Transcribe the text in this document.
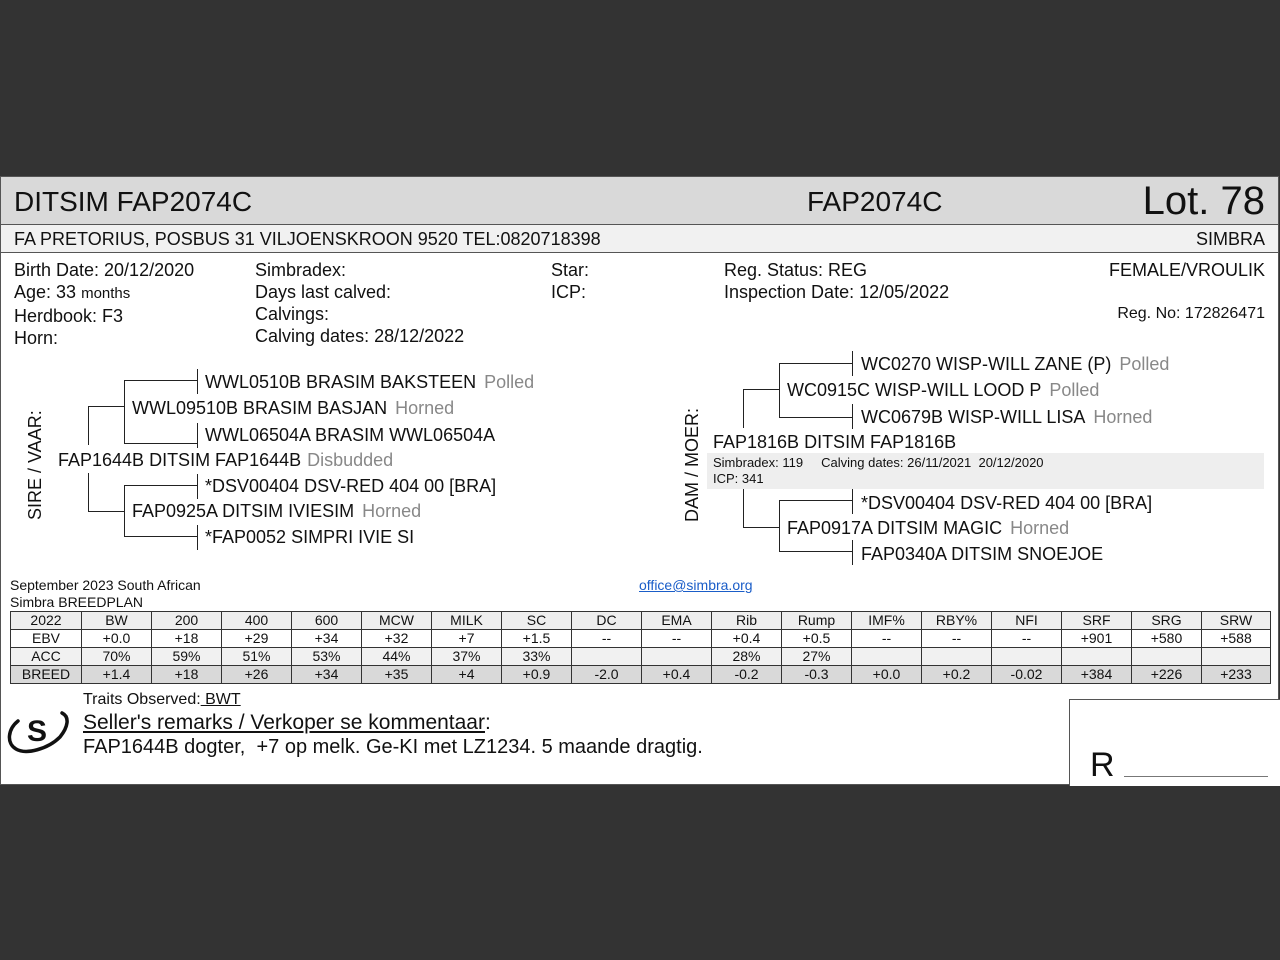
DITSIM FAP2074C	FAP2074C	Lot. 78
FA PRETORIUS, POSBUS 31 VILJOENSKROON 9520 TEL:0820718398	SIMBRA
Birth Date: 20/12/2020
Age: 33 months
Herdbook: F3
Horn:
Simbradex:
Days last calved:
Calvings:
Calving dates: 28/12/2022
Star:
ICP:
Reg. Status: REG
Inspection Date: 12/05/2022
FEMALE/VROULIK
Reg. No: 172826471
SIRE / VAAR:
WWL0510B BRASIM BAKSTEEN Polled
WWL09510B BRASIM BASJAN Horned
WWL06504A BRASIM WWL06504A
FAP1644B DITSIM FAP1644B Disbudded
*DSV00404 DSV-RED 404 00 [BRA]
FAP0925A DITSIM IVIESIM Horned
*FAP0052 SIMPRI IVIE SI
DAM / MOER:
WC0270 WISP-WILL ZANE (P) Polled
WC0915C WISP-WILL LOOD P Polled
WC0679B WISP-WILL LISA Horned
FAP1816B DITSIM FAP1816B
Simbradex: 119     Calving dates: 26/11/2021  20/12/2020
ICP: 341
*DSV00404 DSV-RED 404 00 [BRA]
FAP0917A DITSIM MAGIC Horned
FAP0340A DITSIM SNOEJOE
September 2023 South African
Simbra BREEDPLAN
office@simbra.org
2022	BW	200	400	600	MCW	MILK	SC	DC	EMA	Rib	Rump	IMF%	RBY%	NFI	SRF	SRG	SRW
EBV	+0.0	+18	+29	+34	+32	+7	+1.5	--	--	+0.4	+0.5	--	--	--	+901	+580	+588
ACC	70%	59%	51%	53%	44%	37%	33%			28%	27%						
BREED	+1.4	+18	+26	+34	+35	+4	+0.9	-2.0	+0.4	-0.2	-0.3	+0.0	+0.2	-0.02	+384	+226	+233
S
Traits Observed: BWT
Seller's remarks / Verkoper se kommentaar:
FAP1644B dogter,  +7 op melk. Ge-KI met LZ1234. 5 maande dragtig.	R
